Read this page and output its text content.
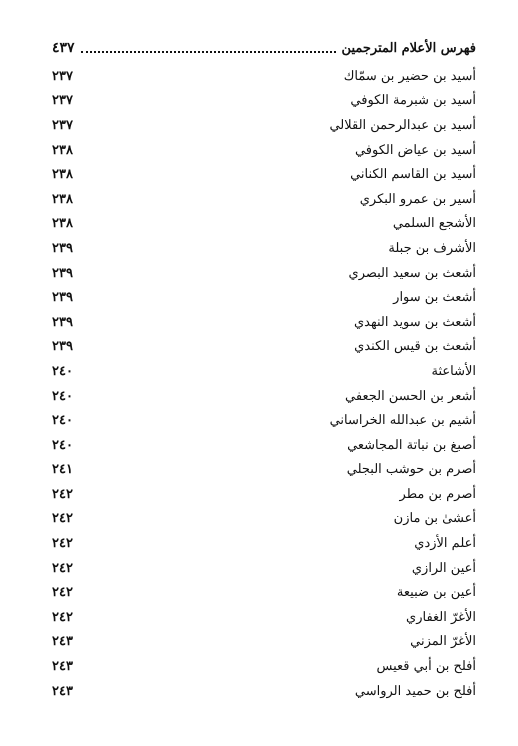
فهرس الأعلام المترجمين
٤٣٧
أسيد بن حضير بن سمّاك
٢٣٧
أسيد بن شبرمة الكوفي
٢٣٧
أسيد بن عبدالرحمن القلالي
٢٣٧
أسيد بن عياض الكوفي
٢٣٨
أسيد بن القاسم الكناني
٢٣٨
أسير بن عمرو البكري
٢٣٨
الأشجع السلمي
٢٣٨
الأشرف بن جبلة
٢٣٩
أشعث بن سعيد البصري
٢٣٩
أشعث بن سوار
٢٣٩
أشعث بن سويد النهدي
٢٣٩
أشعث بن قيس الكندي
٢٣٩
الأشاعثة
٢٤٠
أشعر بن الحسن الجعفي
٢٤٠
أشيم بن عبدالله الخراساني
٢٤٠
أصبغ بن نباتة المجاشعي
٢٤٠
أصرم بن حوشب البجلي
٢٤١
أصرم بن مطر
٢٤٢
أعشىٰ بن مازن
٢٤٢
أعلم الأزدي
٢٤٢
أعين الرازي
٢٤٢
أعين بن ضبيعة
٢٤٢
الأغرّ الغفاري
٢٤٢
الأغرّ المزني
٢٤٣
أفلح بن أبي قعيس
٢٤٣
أفلح بن حميد الرواسي
٢٤٣
